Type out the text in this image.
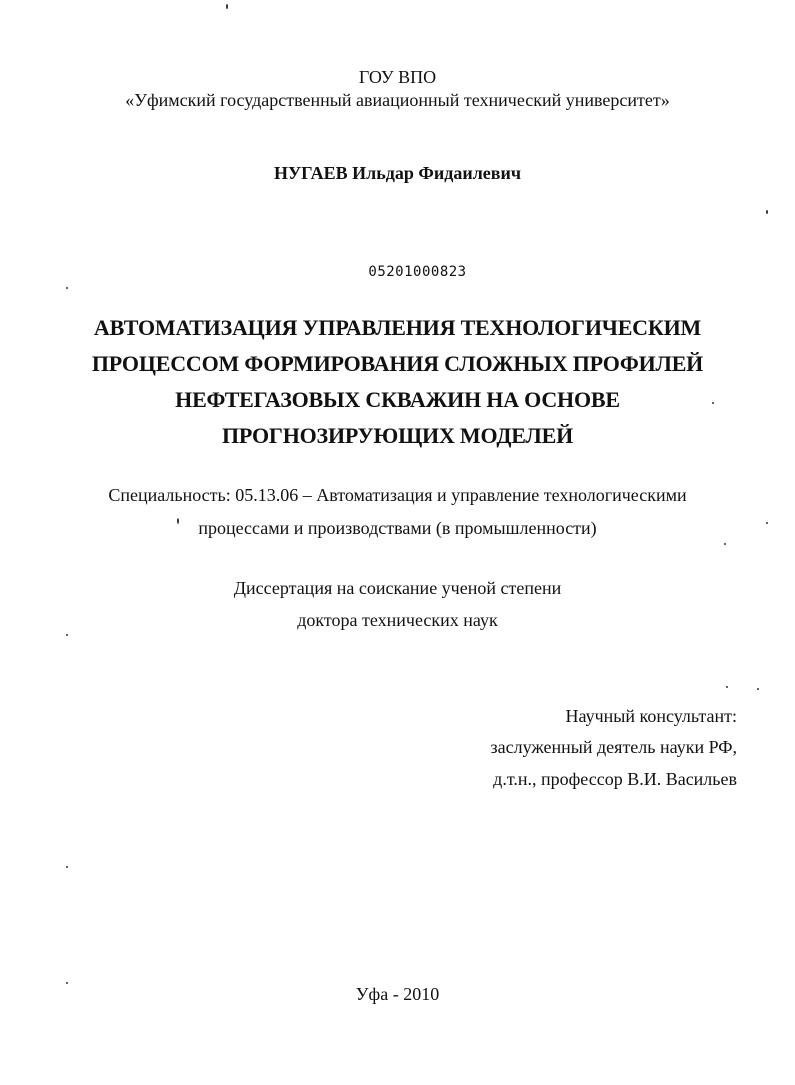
ГОУ ВПО
«Уфимский государственный авиационный технический университет»
НУГАЕВ Ильдар Фидаилевич
05201000823
АВТОМАТИЗАЦИЯ УПРАВЛЕНИЯ ТЕХНОЛОГИЧЕСКИМ
ПРОЦЕССОМ ФОРМИРОВАНИЯ СЛОЖНЫХ ПРОФИЛЕЙ
НЕФТЕГАЗОВЫХ СКВАЖИН НА ОСНОВЕ
ПРОГНОЗИРУЮЩИХ МОДЕЛЕЙ
Специальность: 05.13.06 – Автоматизация и управление технологическими
процессами и производствами (в промышленности)
Диссертация на соискание ученой степени
доктора технических наук
Научный консультант:
заслуженный деятель науки РФ,
д.т.н., профессор В.И. Васильев
Уфа - 2010
